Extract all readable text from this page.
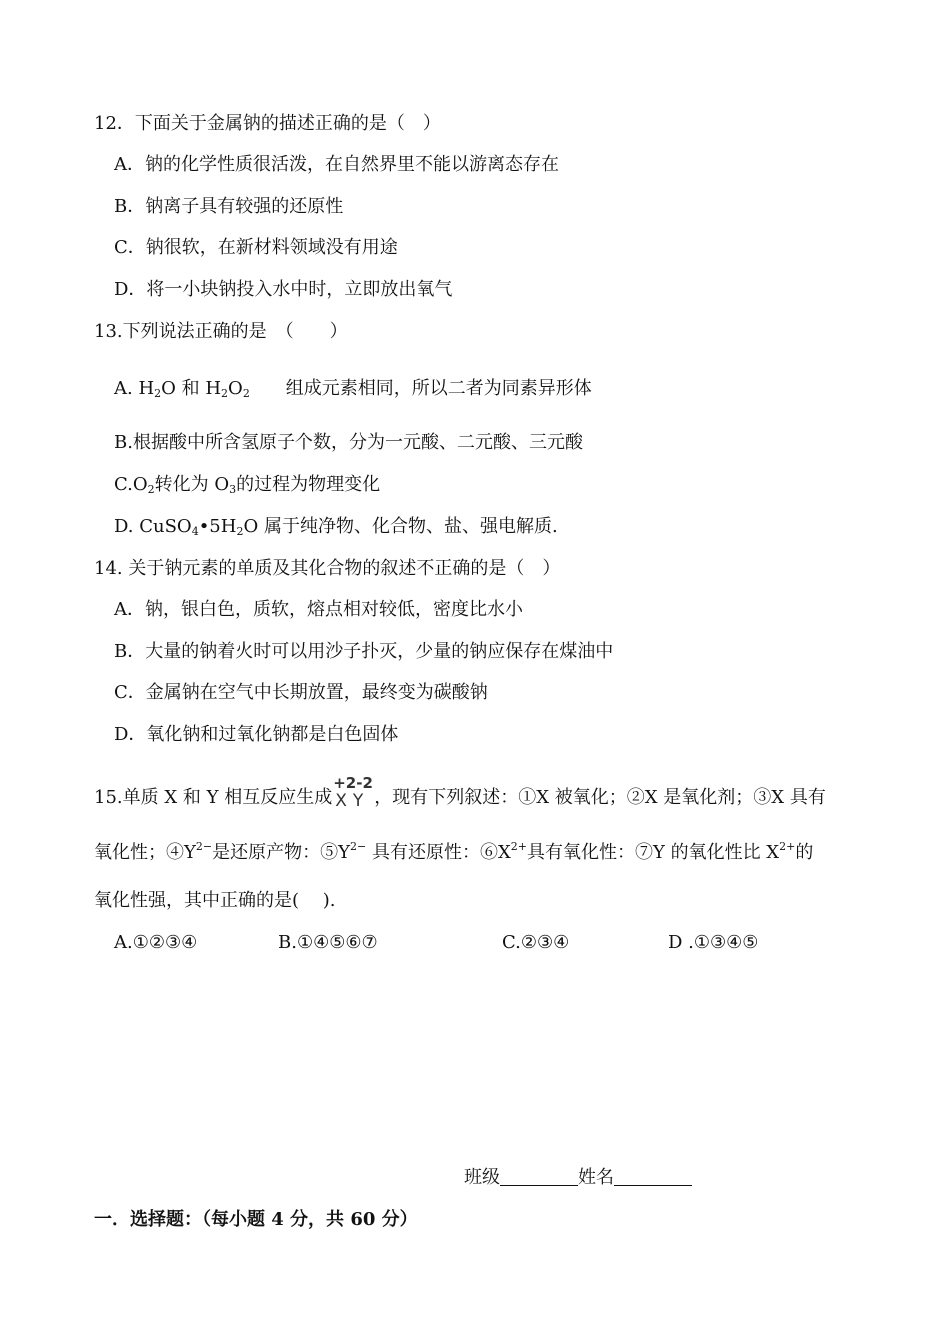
12．下面关于金属钠的描述正确的是（　）
A．钠的化学性质很活泼，在自然界里不能以游离态存在
B．钠离子具有较强的还原性
C．钠很软，在新材料领域没有用途
D．将一小块钠投入水中时，立即放出氧气
13.下列说法正确的是　（　　）
A. $H_2O$ 和 $H_2O_2$　　组成元素相同，所以二者为同素异形体
B.根据酸中所含氢原子个数，分为一元酸、二元酸、三元酸
$C.O_2$转化为 $O_3$的过程为物理变化
D. $CuSO_4•5H_2O$ 属于纯净物、化合物、盐、强电解质.
14. 关于钠元素的单质及其化合物的叙述不正确的是（　）
A．钠，银白色，质软，熔点相对较低，密度比水小
B．大量的钠着火时可以用沙子扑灭，少量的钠应保存在煤油中
C．金属钠在空气中长期放置，最终变为碳酸钠
D．氧化钠和过氧化钠都是白色固体
15.单质 X 和 Y 相互反应生成
+2-2
XY ，现有下列叙述：①X 被氧化；②X 是氧化剂；③X 具有
氧化性；$④Y^{2-}$是还原产物：$⑤Y^{2-}$ 具有还原性：$⑥X^{2+}$具有氧化性：⑦Y 的氧化性比 $X^{2+}$的
氧化性强，其中正确的是(　 ).
A.①②③④	B.①④⑤⑥⑦	C.②③④	D .①③④⑤
班级	姓名
一．选择题：（每小题 4 分，共 60 分）
